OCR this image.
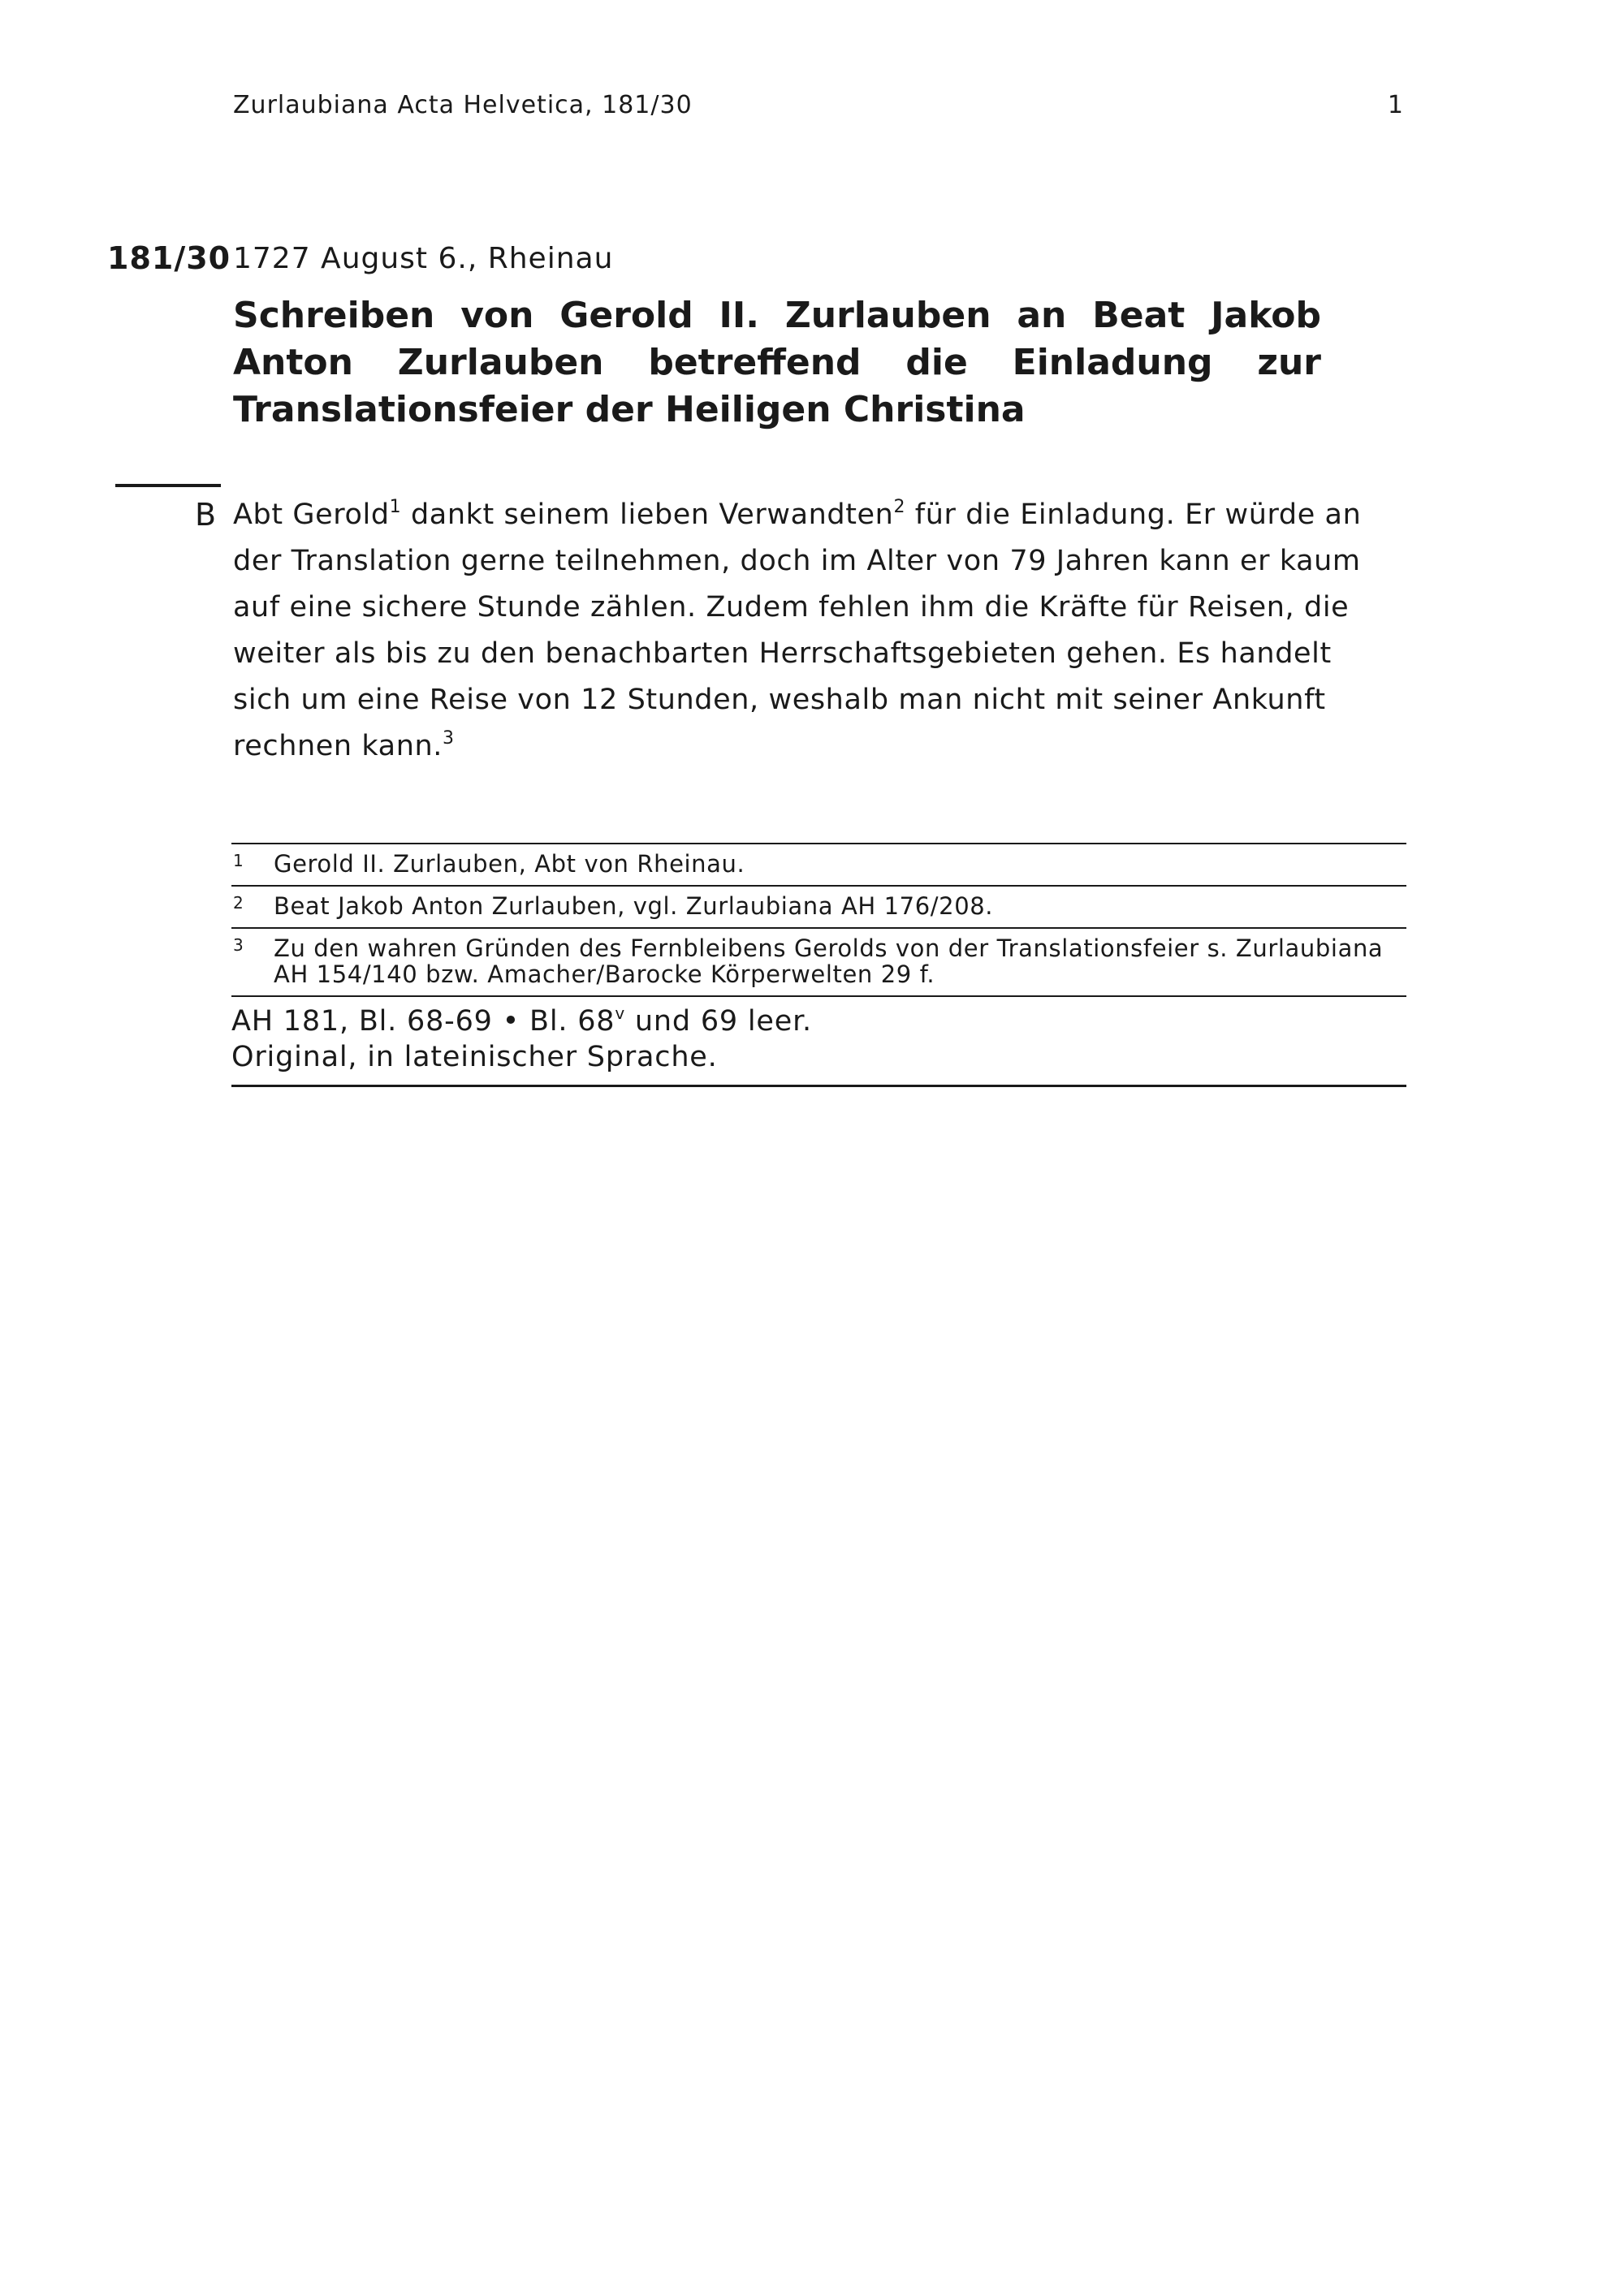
Zurlaubiana Acta Helvetica, 181/30	1
181/30 1727 August 6., Rheinau
Schreiben von Gerold II. Zurlauben an Beat Jakob Anton Zurlauben betreffend die Einladung zur Translationsfeier der Heiligen Christina
B Abt Gerold$^1$ dankt seinem lieben Verwandten$^2$ für die Einladung. Er würde an der Translation gerne teilnehmen, doch im Alter von 79 Jahren kann er kaum auf eine sichere Stunde zählen. Zudem fehlen ihm die Kräfte für Reisen, die weiter als bis zu den benachbarten Herrschaftsgebieten gehen. Es handelt sich um eine Reise von 12 Stunden, weshalb man nicht mit seiner Ankunft rechnen kann.$^3$

1 Gerold II. Zurlauben, Abt von Rheinau.
2 Beat Jakob Anton Zurlauben, vgl. Zurlaubiana AH 176/208.
3 Zu den wahren Gründen des Fernbleibens Gerolds von der Translationsfeier s. Zurlaubiana AH 154/140 bzw. Amacher/Barocke Körperwelten 29 f.
AH 181, Bl. 68-69 • Bl. 68$^v$ und 69 leer.
Original, in lateinischer Sprache.
